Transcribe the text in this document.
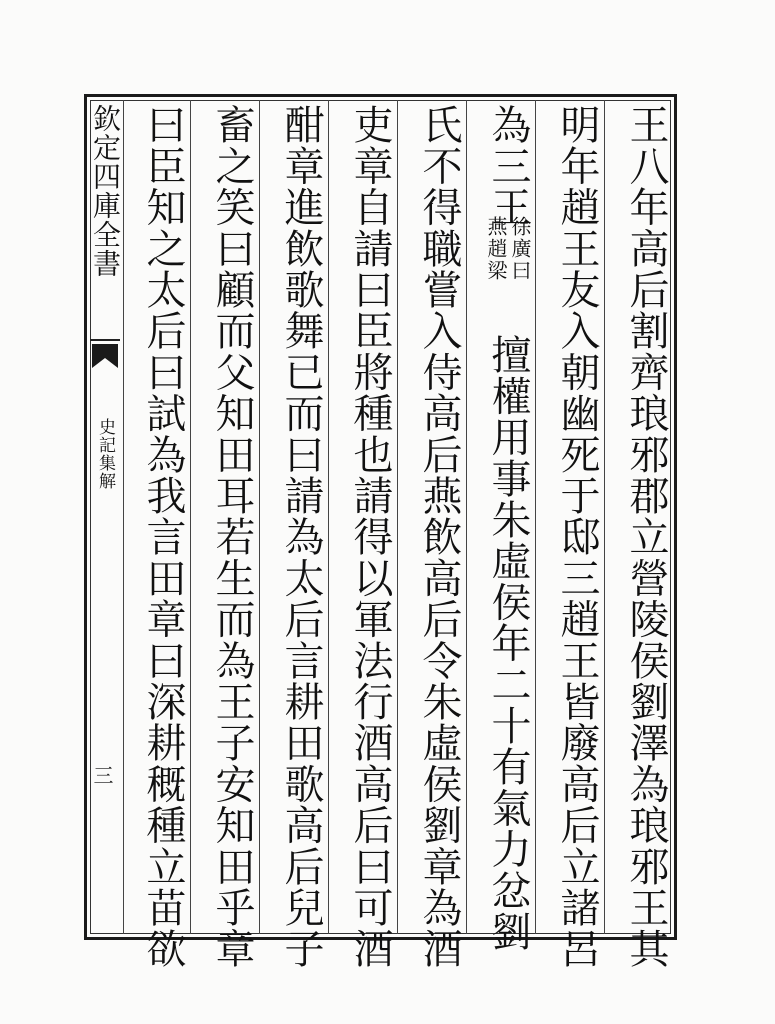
欽定四庫全書
史記集解
三	王八年高后割齊琅邪郡立營陵侯劉澤為琅邪王其
明年趙王友入朝幽死于邸三趙王皆廢高后立諸呂
為三王
徐廣曰
燕趙梁
擅權用事朱虛侯年二十有氣力忿劉
氏不得職嘗入侍高后燕飲高后令朱虛侯劉章為酒
吏章自請曰臣將種也請得以軍法行酒高后曰可酒
酣章進飲歌舞已而曰請為太后言耕田歌高后兒子
畜之笑曰顧而父知田耳若生而為王子安知田乎章
曰臣知之太后曰試為我言田章曰深耕穊種立苗欲
